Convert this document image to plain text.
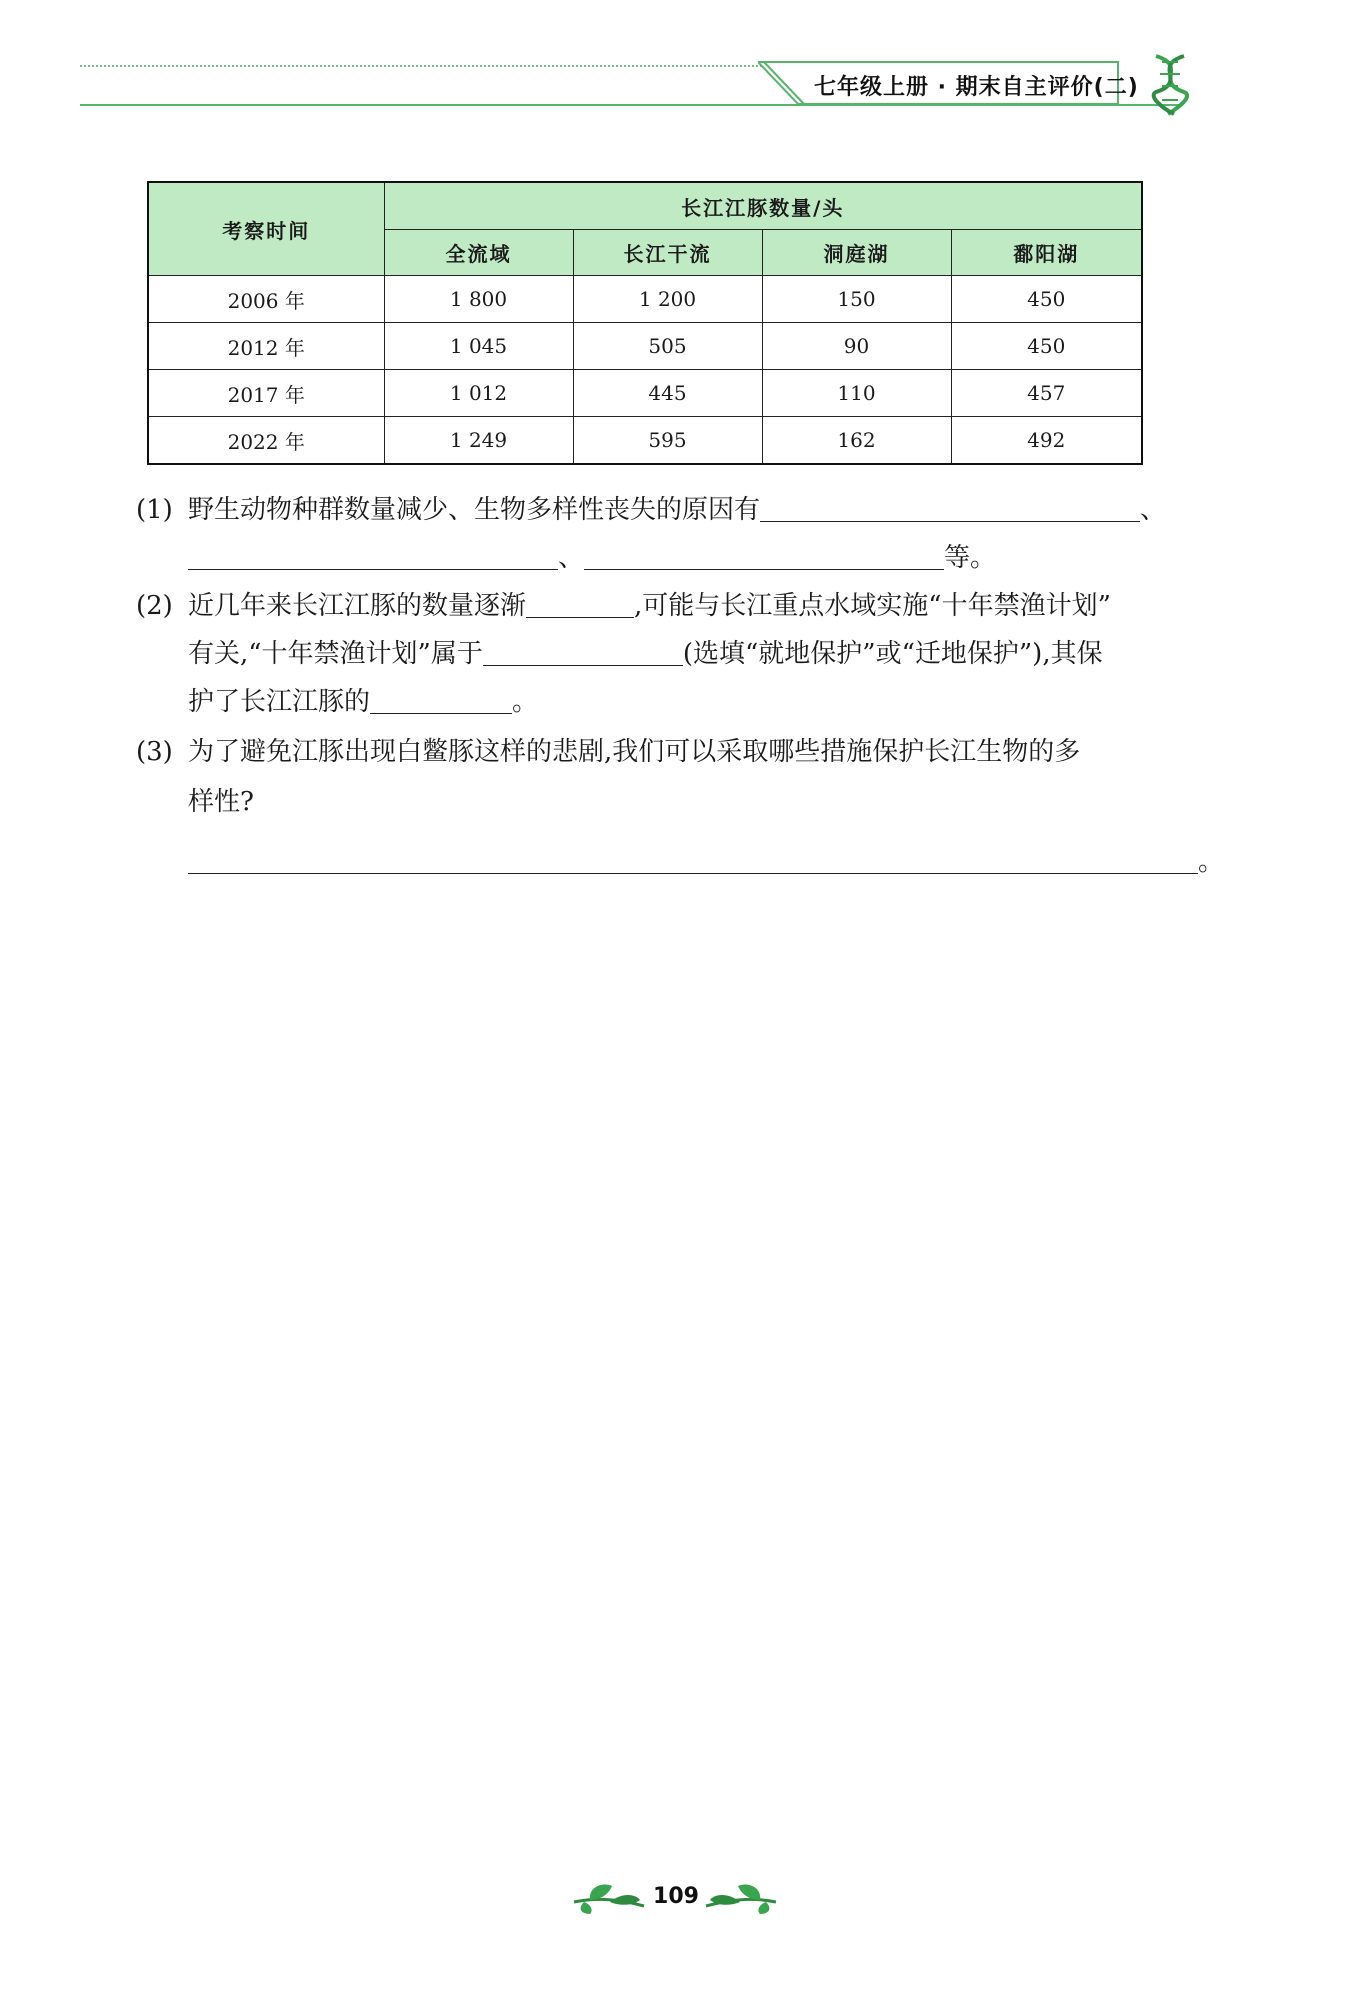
七年级上册 · 期末自主评价(二)
考察时间	长江江豚数量/头			
	全流域	长江干流	洞庭湖	鄱阳湖
2006 年	1 800	1 200	150	450
2012 年	1 045	505	90	450
2017 年	1 012	445	110	457
2022 年	1 249	595	162	492
(1) 野生动物种群数量减少、生物多样性丧失的原因有	、
、	等。
(2) 近几年来长江江豚的数量逐渐	,可能与长江重点水域实施“十年禁渔计划”
有关,“十年禁渔计划”属于	(选填“就地保护”或“迁地保护”),其保
护了长江江豚的	。
(3) 为了避免江豚出现白鳖豚这样的悲剧,我们可以采取哪些措施保护长江生物的多
样性?
。
109
